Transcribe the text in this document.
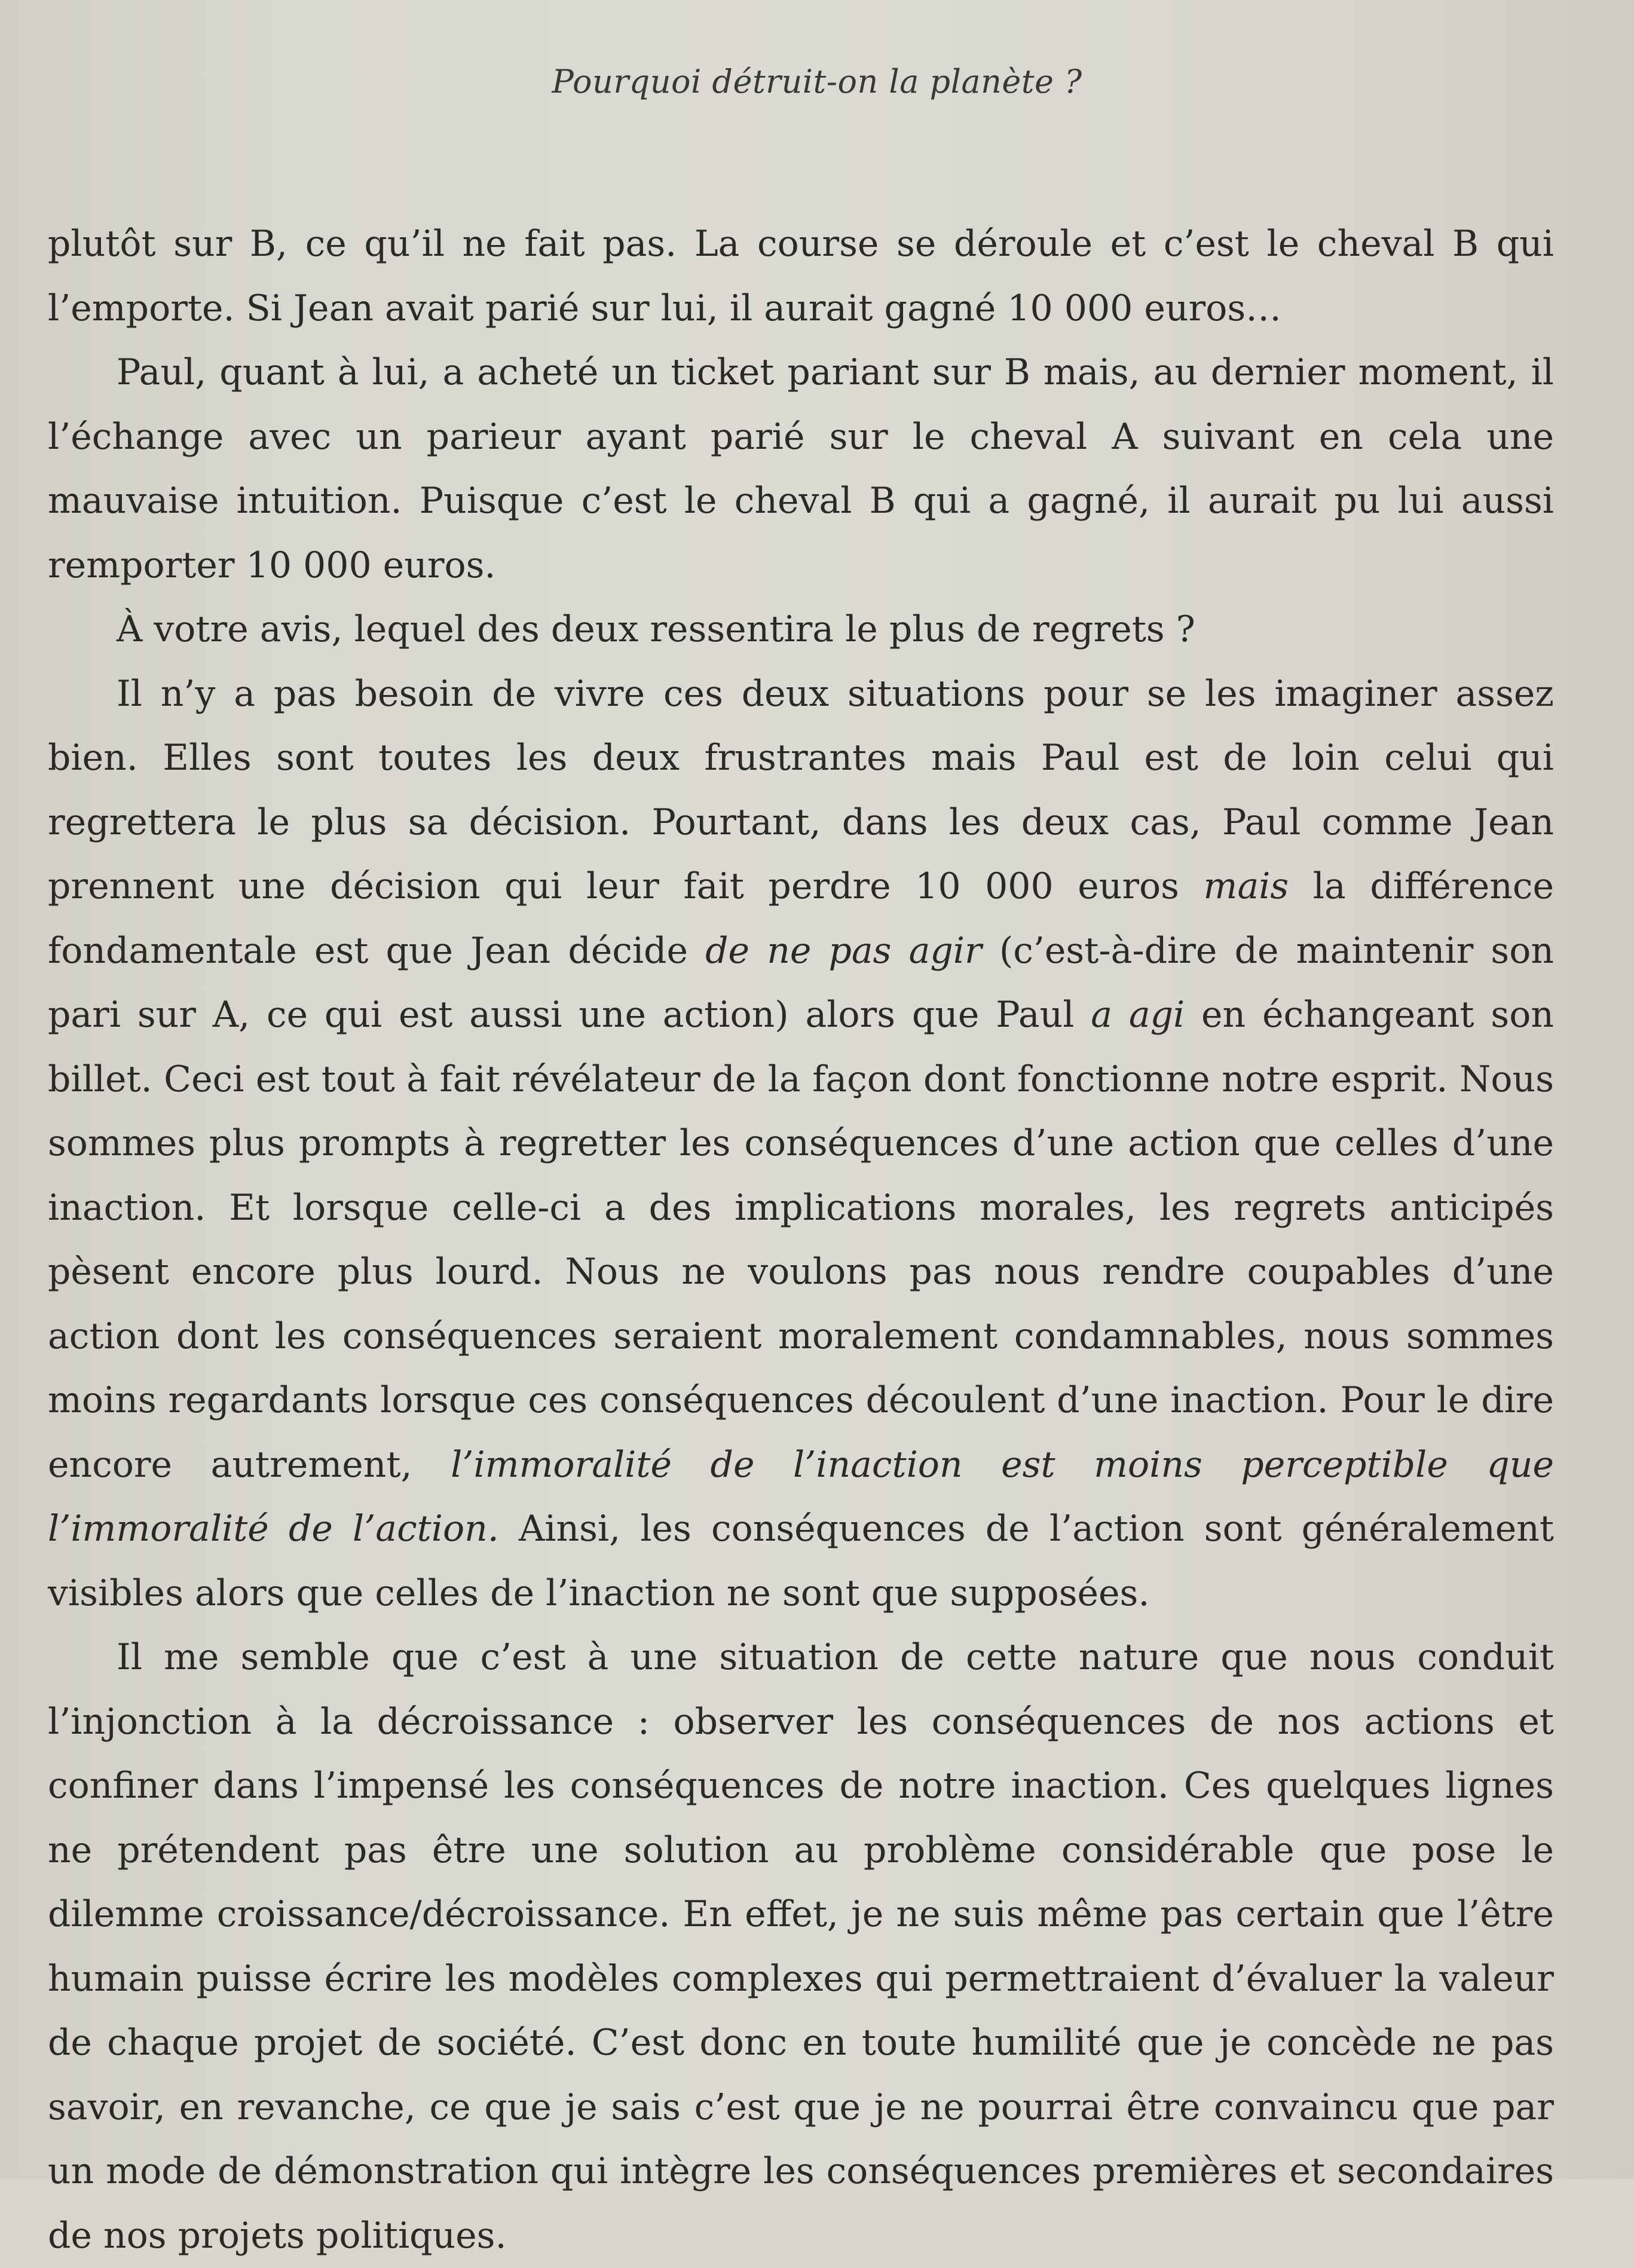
Pourquoi détruit-on la planète ?

plutôt sur B, ce qu’il ne fait pas. La course se déroule et c’est le cheval B qui l’emporte. Si Jean avait parié sur lui, il aurait gagné 10 000 euros…

Paul, quant à lui, a acheté un ticket pariant sur B mais, au dernier moment, il l’échange avec un parieur ayant parié sur le cheval A suivant en cela une mauvaise intuition. Puisque c’est le cheval B qui a gagné, il aurait pu lui aussi remporter 10 000 euros.

À votre avis, lequel des deux ressentira le plus de regrets ?

Il n’y a pas besoin de vivre ces deux situations pour se les imaginer assez bien. Elles sont toutes les deux frustrantes mais Paul est de loin celui qui regrettera le plus sa décision. Pourtant, dans les deux cas, Paul comme Jean prennent une décision qui leur fait perdre 10 000 euros mais la différence fondamentale est que Jean décide de ne pas agir (c’est-à-dire de maintenir son pari sur A, ce qui est aussi une action) alors que Paul a agi en échangeant son billet. Ceci est tout à fait révélateur de la façon dont fonctionne notre esprit. Nous sommes plus prompts à regretter les conséquences d’une action que celles d’une inaction. Et lorsque celle-ci a des implications morales, les regrets anticipés pèsent encore plus lourd. Nous ne voulons pas nous rendre coupables d’une action dont les conséquences seraient moralement condamnables, nous sommes moins regardants lorsque ces conséquences découlent d’une inaction. Pour le dire encore autrement, l’immoralité de l’inaction est moins perceptible que l’immoralité de l’action. Ainsi, les conséquences de l’action sont généralement visibles alors que celles de l’inaction ne sont que supposées.

Il me semble que c’est à une situation de cette nature que nous conduit l’injonction à la décroissance : observer les conséquences de nos actions et confiner dans l’impensé les conséquences de notre inaction. Ces quelques lignes ne prétendent pas être une solution au problème considérable que pose le dilemme croissance/décroissance. En effet, je ne suis même pas certain que l’être humain puisse écrire les modèles complexes qui permettraient d’évaluer la valeur de chaque projet de société. C’est donc en toute humilité que je concède ne pas savoir, en revanche, ce que je sais c’est que je ne pourrai être convaincu que par un mode de démonstration qui intègre les conséquences premières et secondaires de nos projets politiques.
